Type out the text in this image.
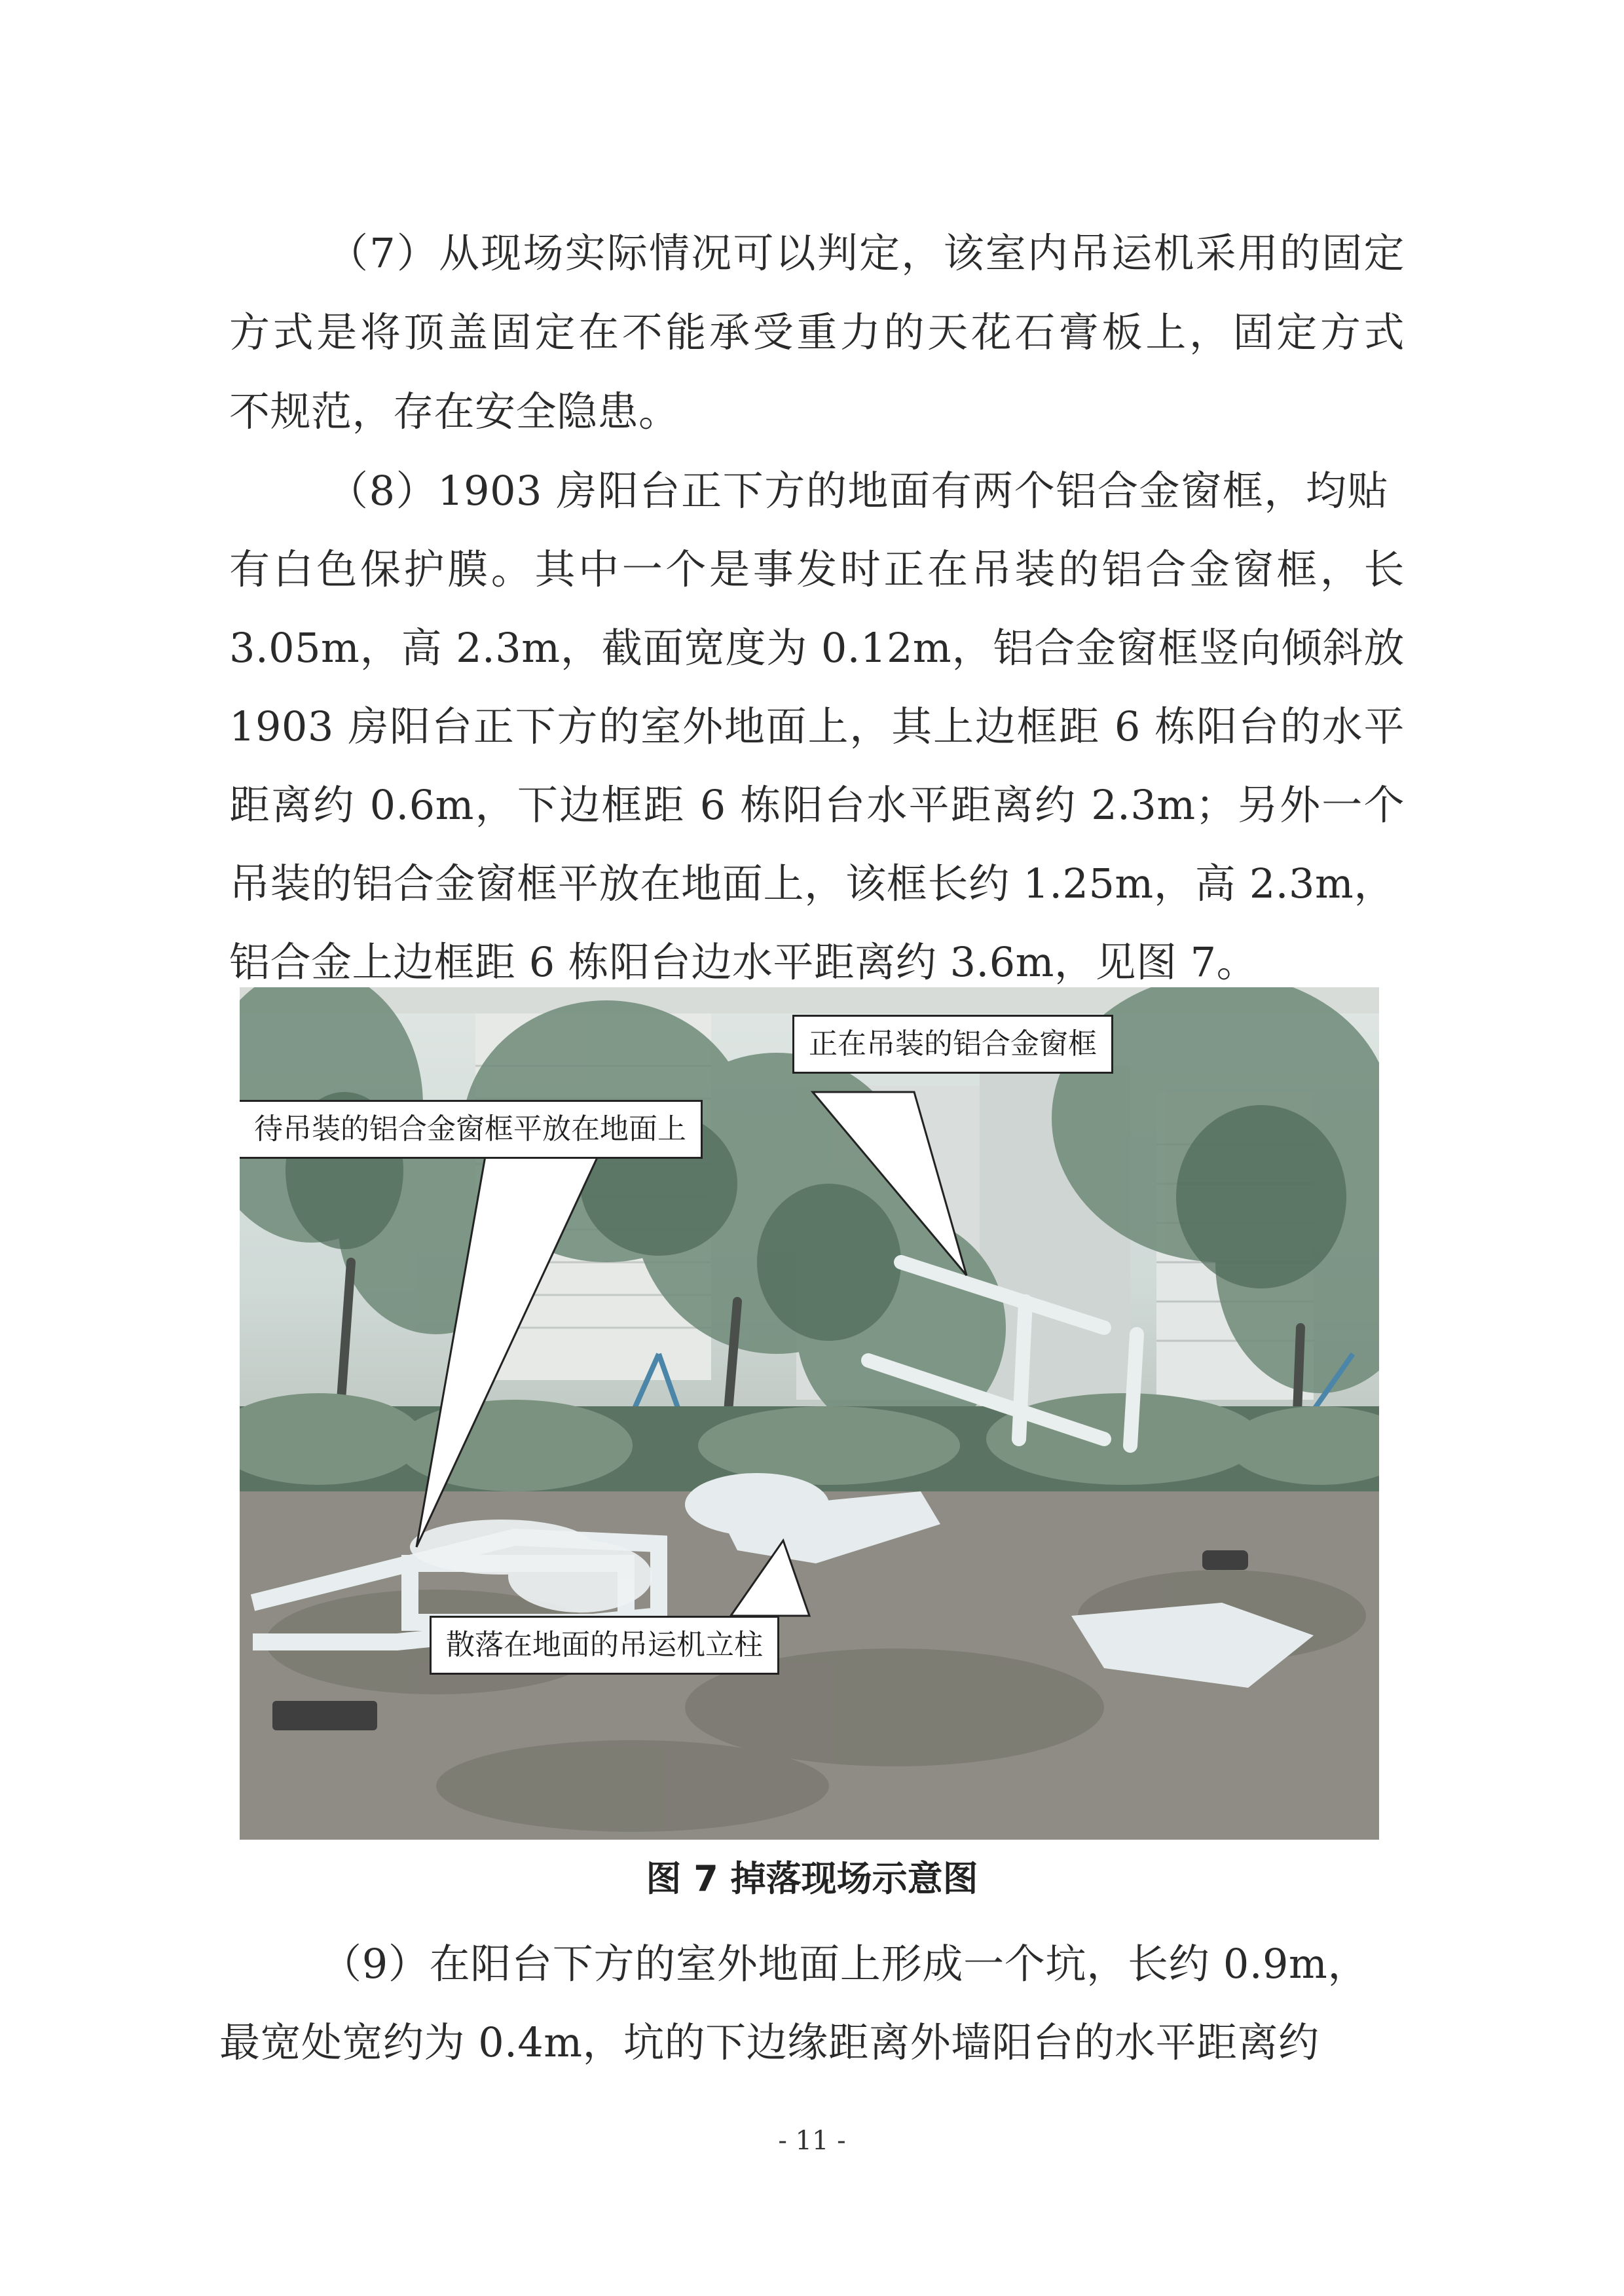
（7）从现场实际情况可以判定，该室内吊运机采用的固定

方式是将顶盖固定在不能承受重力的天花石膏板上，固定方式

不规范，存在安全隐患。

（8）1903 房阳台正下方的地面有两个铝合金窗框，均贴

有白色保护膜。其中一个是事发时正在吊装的铝合金窗框，长

3.05m，高 2.3m，截面宽度为 0.12m，铝合金窗框竖向倾斜放

1903 房阳台正下方的室外地面上，其上边框距 6 栋阳台的水平

距离约 0.6m，下边框距 6 栋阳台水平距离约 2.3m；另外一个

吊装的铝合金窗框平放在地面上，该框长约 1.25m，高 2.3m，

铝合金上边框距 6 栋阳台边水平距离约 3.6m，见图 7。

正在吊装的铝合金窗框
待吊装的铝合金窗框平放在地面上
散落在地面的吊运机立柱
图 7 掉落现场示意图

（9）在阳台下方的室外地面上形成一个坑，长约 0.9m，

最宽处宽约为 0.4m，坑的下边缘距离外墙阳台的水平距离约

- 11 -
